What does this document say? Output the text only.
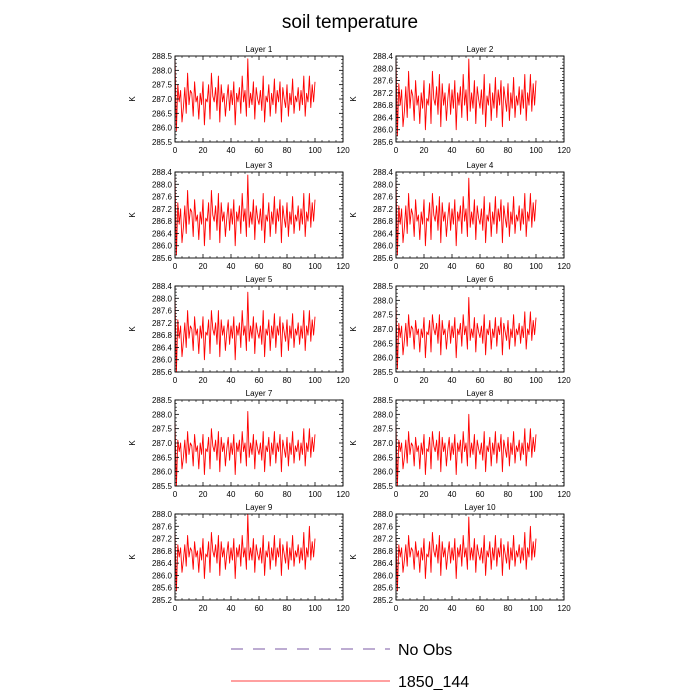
soil temperature
Layer 1
K
0	20 40 60 80 100 120
285.5
286.0
286.5
287.0
287.5
288.0
288.5
Layer 2
K
0	20 40 60 80 100 120
285.6
286.0
286.4
286.8
287.2
287.6
288.0
288.4
Layer 3
K
0	20 40 60 80 100 120
285.6
286.0
286.4
286.8
287.2
287.6
288.0
288.4
Layer 4
K
0	20 40 60 80 100 120
285.6
286.0
286.4
286.8
287.2
287.6
288.0
288.4
Layer 5
K
0	20 40 60 80 100 120
285.6
286.0
286.4
286.8
287.2
287.6
288.0
288.4
Layer 6
K
0	20 40 60 80 100 120
285.5
286.0
286.5
287.0
287.5
288.0
288.5
Layer 7
K
0	20 40 60 80 100 120
285.5
286.0
286.5
287.0
287.5
288.0
288.5
Layer 8
K
0	20 40 60 80 100 120
285.5
286.0
286.5
287.0
287.5
288.0
288.5
Layer 9
K
0	20 40 60 80 100 120
285.2
285.6
286.0
286.4
286.8
287.2
287.6
288.0
Layer 10
K
0	20 40 60 80 100 120
285.2
285.6
286.0
286.4
286.8
287.2
287.6
288.0
No Obs
1850_144
